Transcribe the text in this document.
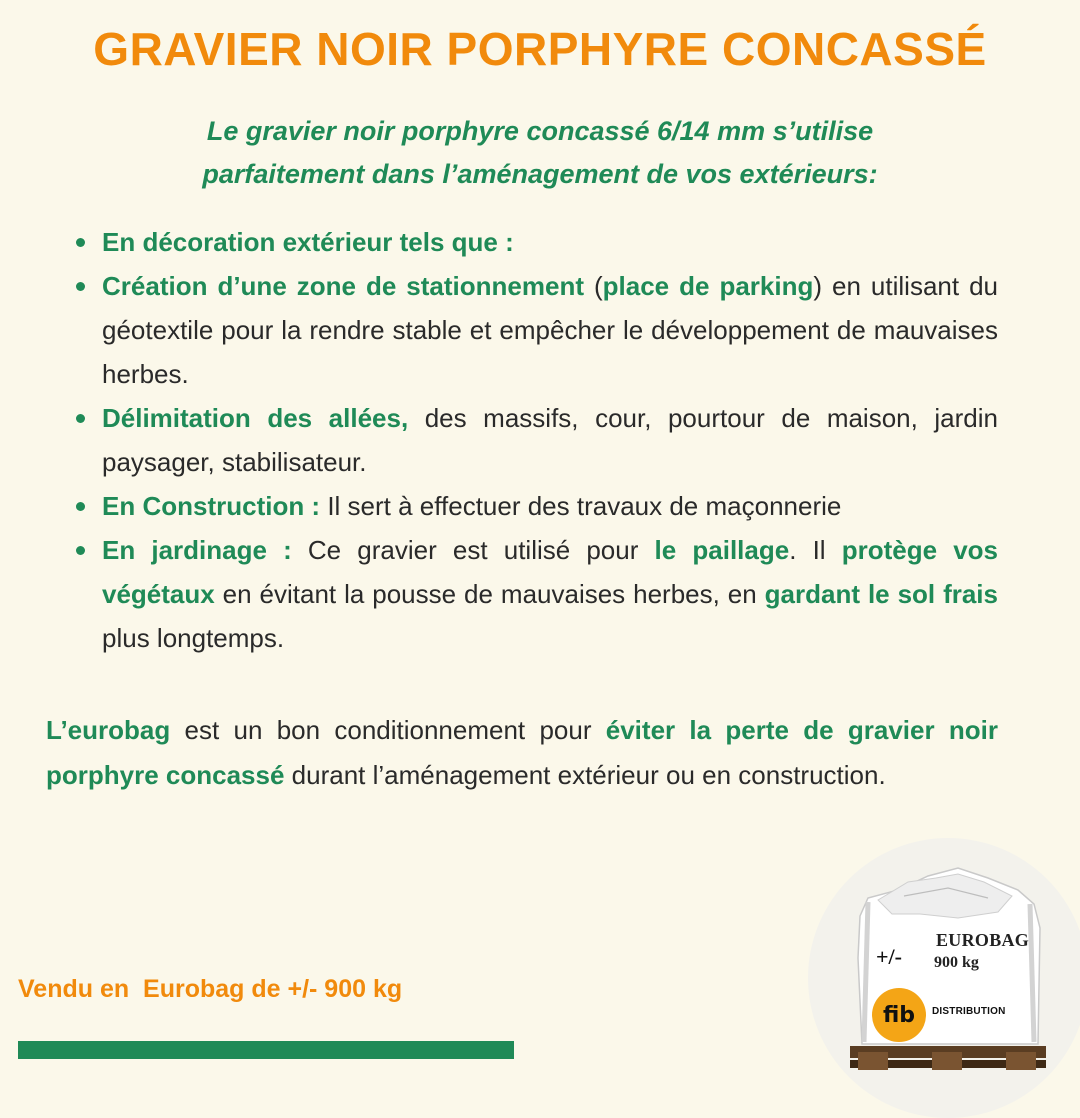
GRAVIER NOIR PORPHYRE CONCASSÉ
Le gravier noir porphyre concassé 6/14 mm s’utilise
parfaitement dans l’aménagement de vos extérieurs:
En décoration extérieur tels que :
Création d’une zone de stationnement (place de parking) en utilisant du géotextile pour la rendre stable et empêcher le développement de mauvaises herbes.
Délimitation des allées, des massifs, cour, pourtour de maison, jardin paysager, stabilisateur.
En Construction : Il sert à effectuer des travaux de maçonnerie
En jardinage : Ce gravier est utilisé pour le paillage. Il protège vos végétaux en évitant la pousse de mauvaises herbes, en gardant le sol frais plus longtemps.

L’eurobag est un bon conditionnement pour éviter la perte de gravier noir porphyre concassé durant l’aménagement extérieur ou en construction.

Vendu en  Eurobag de +/- 900 kg
EUROBAG
900 kg
+/-
fib DISTRIBUTION
